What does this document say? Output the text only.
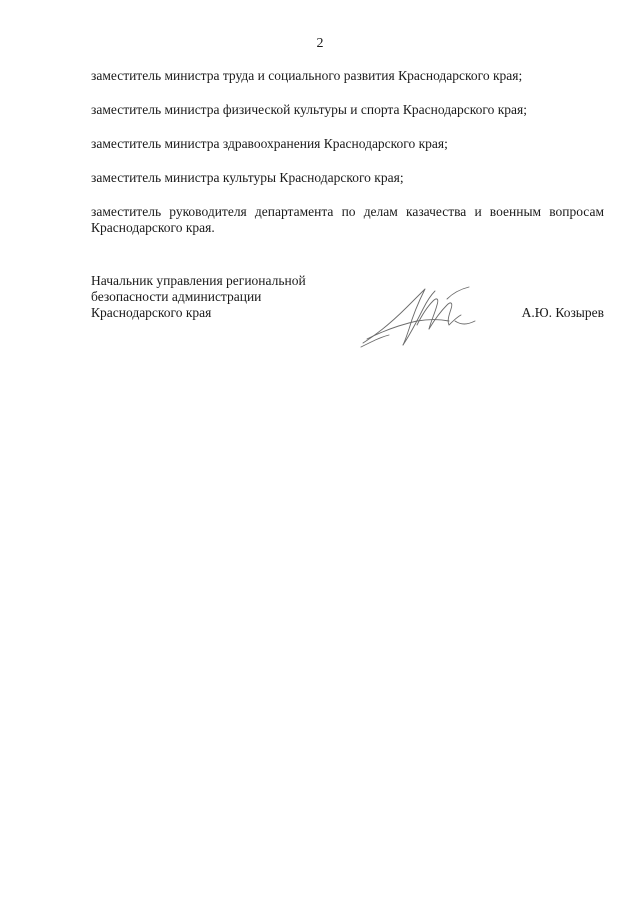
2

заместитель министра труда и социального развития Краснодарского края;

заместитель министра физической культуры и спорта Краснодарского края;

заместитель министра здравоохранения Краснодарского края;

заместитель министра культуры Краснодарского края;

заместитель руководителя департамента по делам казачества и военным вопросам Краснодарского края.

Начальник управления региональной
безопасности администрации
Краснодарского края	А.Ю. Козырев
